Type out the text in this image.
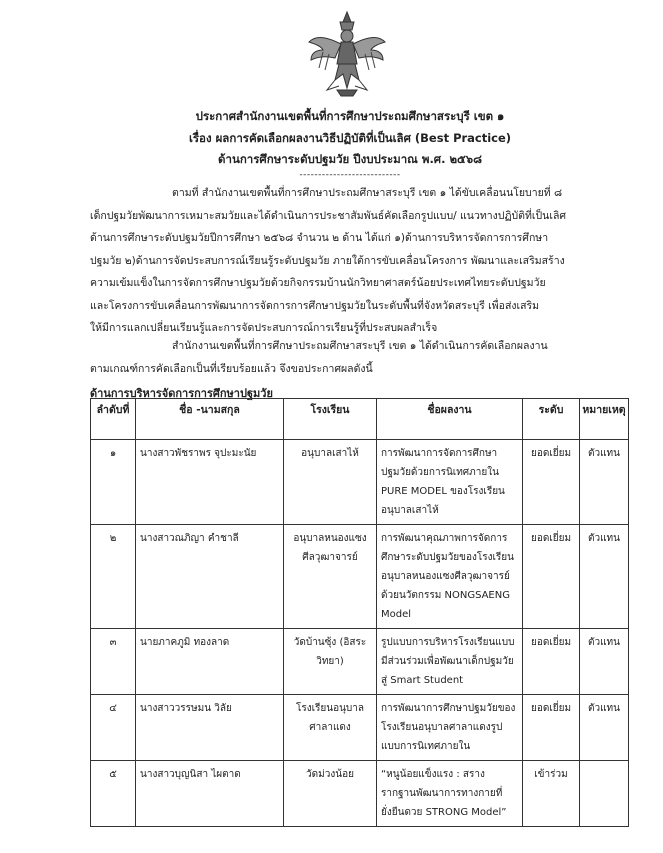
ประกาศสำนักงานเขตพื้นที่การศึกษาประถมศึกษาสระบุรี เขต ๑
เรื่อง ผลการคัดเลือกผลงานวิธีปฏิบัติที่เป็นเลิศ (Best Practice)
ด้านการศึกษาระดับปฐมวัย ปีงบประมาณ พ.ศ. ๒๕๖๘
---------------------------
ตามที่ สำนักงานเขตพื้นที่การศึกษาประถมศึกษาสระบุรี เขต ๑ ได้ขับเคลื่อนนโยบายที่ ๘
เด็กปฐมวัยพัฒนาการเหมาะสมวัยและได้ดำเนินการประชาสัมพันธ์คัดเลือกรูปแบบ/ แนวทางปฏิบัติที่เป็นเลิศ
ด้านการศึกษาระดับปฐมวัยปีการศึกษา ๒๕๖๘ จำนวน ๒ ด้าน ได้แก่ ๑)ด้านการบริหารจัดการการศึกษา
ปฐมวัย ๒)ด้านการจัดประสบการณ์เรียนรู้ระดับปฐมวัย ภายใต้การขับเคลื่อนโครงการ พัฒนาและเสริมสร้าง
ความเข้มแข็งในการจัดการศึกษาปฐมวัยด้วยกิจกรรมบ้านนักวิทยาศาสตร์น้อยประเทศไทยระดับปฐมวัย
และโครงการขับเคลื่อนการพัฒนาการจัดการการศึกษาปฐมวัยในระดับพื้นที่จังหวัดสระบุรี เพื่อส่งเสริม
ให้มีการแลกเปลี่ยนเรียนรู้และการจัดประสบการณ์การเรียนรู้ที่ประสบผลสำเร็จ
สำนักงานเขตพื้นที่การศึกษาประถมศึกษาสระบุรี เขต ๑ ได้ดำเนินการคัดเลือกผลงาน
ตามเกณฑ์การคัดเลือกเป็นที่เรียบร้อยแล้ว จึงขอประกาศผลดังนี้
ด้านการบริหารจัดการการศึกษาปฐมวัย
ลำดับที่	ชื่อ -นามสกุล	โรงเรียน	ชื่อผลงาน	ระดับ	หมายเหตุ
๑	นางสาวพัชราพร จุปะมะนัย	อนุบาลเสาไห้	การพัฒนาการจัดการศึกษาปฐมวัยด้วยการนิเทศภายใน PURE MODEL ของโรงเรียนอนุบาลเสาไห้	ยอดเยี่ยม	ตัวแทน
๒	นางสาวณภิญา คำชาลี	อนุบาลหนองแซงศีลวุฒาจารย์	การพัฒนาคุณภาพการจัดการศึกษาระดับปฐมวัยของโรงเรียนอนุบาลหนองแซงศีลวุฒาจารย์ ด้วยนวัตกรรม NONGSAENG Model	ยอดเยี่ยม	ตัวแทน
๓	นายภาคภูมิ ทองลาด	วัดบ้านซุ้ง (อิสระวิทยา)	รูปแบบการบริหารโรงเรียนแบบมีส่วนร่วมเพื่อพัฒนาเด็กปฐมวัยสู่ Smart Student	ยอดเยี่ยม	ตัวแทน
๔	นางสาววรรษมน วิลัย	โรงเรียนอนุบาลศาลาแดง	การพัฒนาการศึกษาปฐมวัยของโรงเรียนอนุบาลศาลาแดงรูปแบบการนิเทศภายใน	ยอดเยี่ยม	ตัวแทน
๕	นางสาวบุญนิสา ไผตาด	วัดม่วงน้อย	“หนูน้อยแข็งแรง : สรางรากฐานพัฒนาการทางกายที่ยั่งยืนดวย STRONG Model”	เข้าร่วม	
